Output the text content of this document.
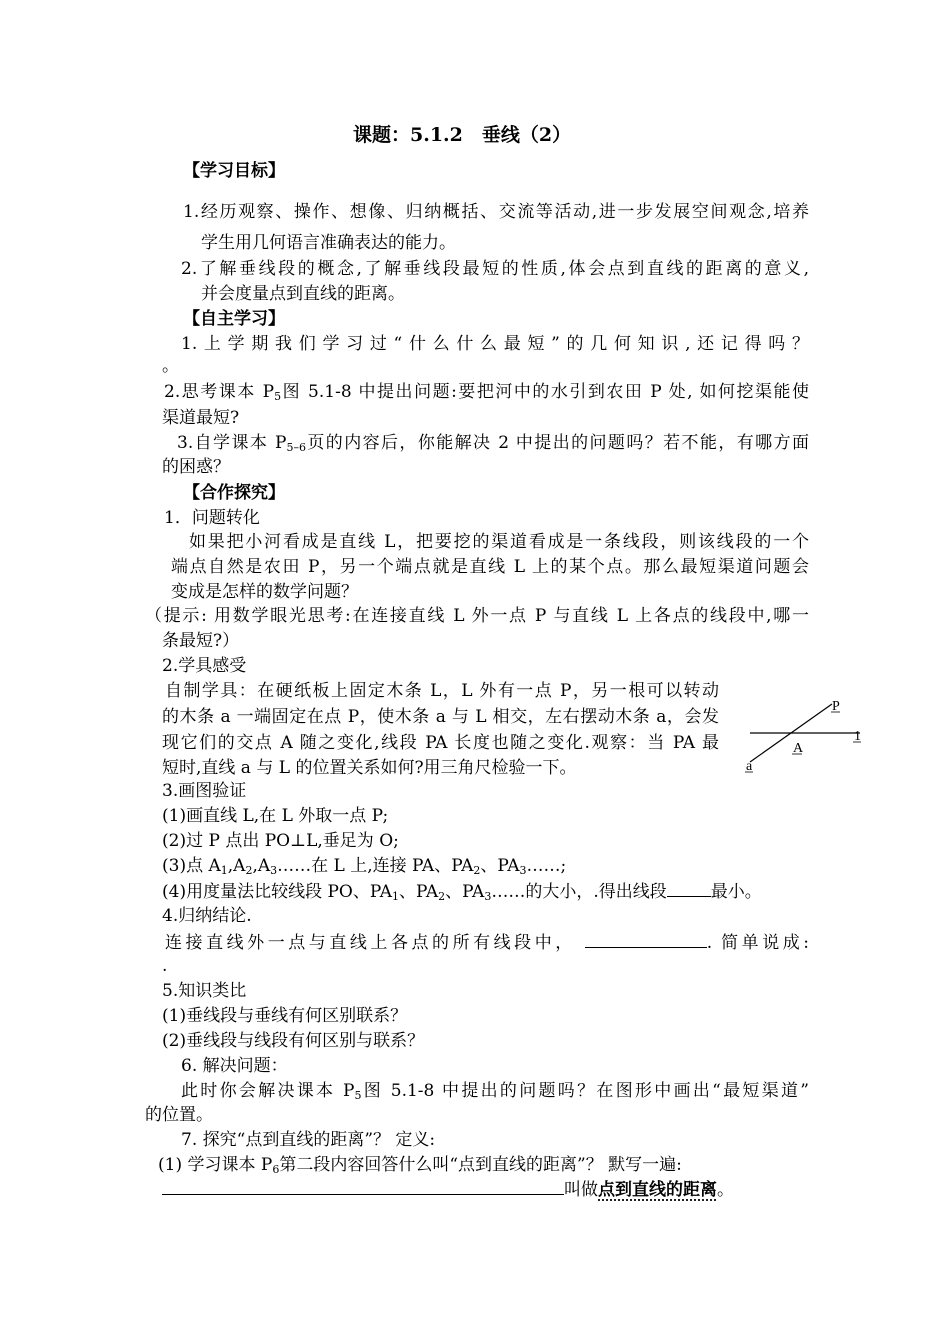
课题：5.1.2　垂线（2）
【学习目标】
1.经历观察、操作、想像、归纳概括、交流等活动,进一步发展空间观念,培养
学生用几何语言准确表达的能力。
2.了解垂线段的概念,了解垂线段最短的性质,体会点到直线的距离的意义,
并会度量点到直线的距离。
【自主学习】
1.上学期我们学习过“什么什么最短”的几何知识,还记得吗？
。
2.思考课本 $P_5$图 5.1-8 中提出问题:要把河中的水引到农田 P 处, 如何挖渠能使
渠道最短?
3.自学课本 $P_{5-6}$页的内容后，你能解决 2 中提出的问题吗？若不能，有哪方面
的困惑？
【合作探究】
1．问题转化
如果把小河看成是直线 L，把要挖的渠道看成是一条线段，则该线段的一个
端点自然是农田 P，另一个端点就是直线 L 上的某个点。那么最短渠道问题会
变成是怎样的数学问题？
（提示: 用数学眼光思考:在连接直线 L 外一点 P 与直线 L 上各点的线段中,哪一
条最短?）
2.学具感受
自制学具：在硬纸板上固定木条 L，L 外有一点 P，另一根可以转动
的木条 a 一端固定在点 P，使木条 a 与 L 相交，左右摆动木条 a，会发
现它们的交点 A 随之变化,线段 PA 长度也随之变化.观察：当 PA 最
短时,直线 a 与 L 的位置关系如何?用三角尺检验一下。
P
1
A
a
3.画图验证
(1)画直线 L,在 L 外取一点 P;
(2)过 P 点出 PO⊥L,垂足为 O;
(3)点 $A_1,A_2,A_3\dots\dots$在 L 上,连接 PA、$PA_2$、$PA_3\dots\dots$;
(4)用度量法比较线段 PO、$PA_1$、$PA_2$、$PA_3\dots\dots$的大小，.得出线段	最小。
4.归纳结论.
连接直线外一点与直线上各点的所有线段中，	. 简单说成:
.
5.知识类比
(1)垂线段与垂线有何区别联系？
(2)垂线段与线段有何区别与联系？
6. 解决问题：
此时你会解决课本 $P_5$图 5.1-8 中提出的问题吗？在图形中画出“最短渠道”
的位置。
7. 探究“点到直线的距离”？ 定义:
(1) 学习课本 $P_6$第二段内容回答什么叫“点到直线的距离”？ 默写一遍:
叫做点到直线的距离。
